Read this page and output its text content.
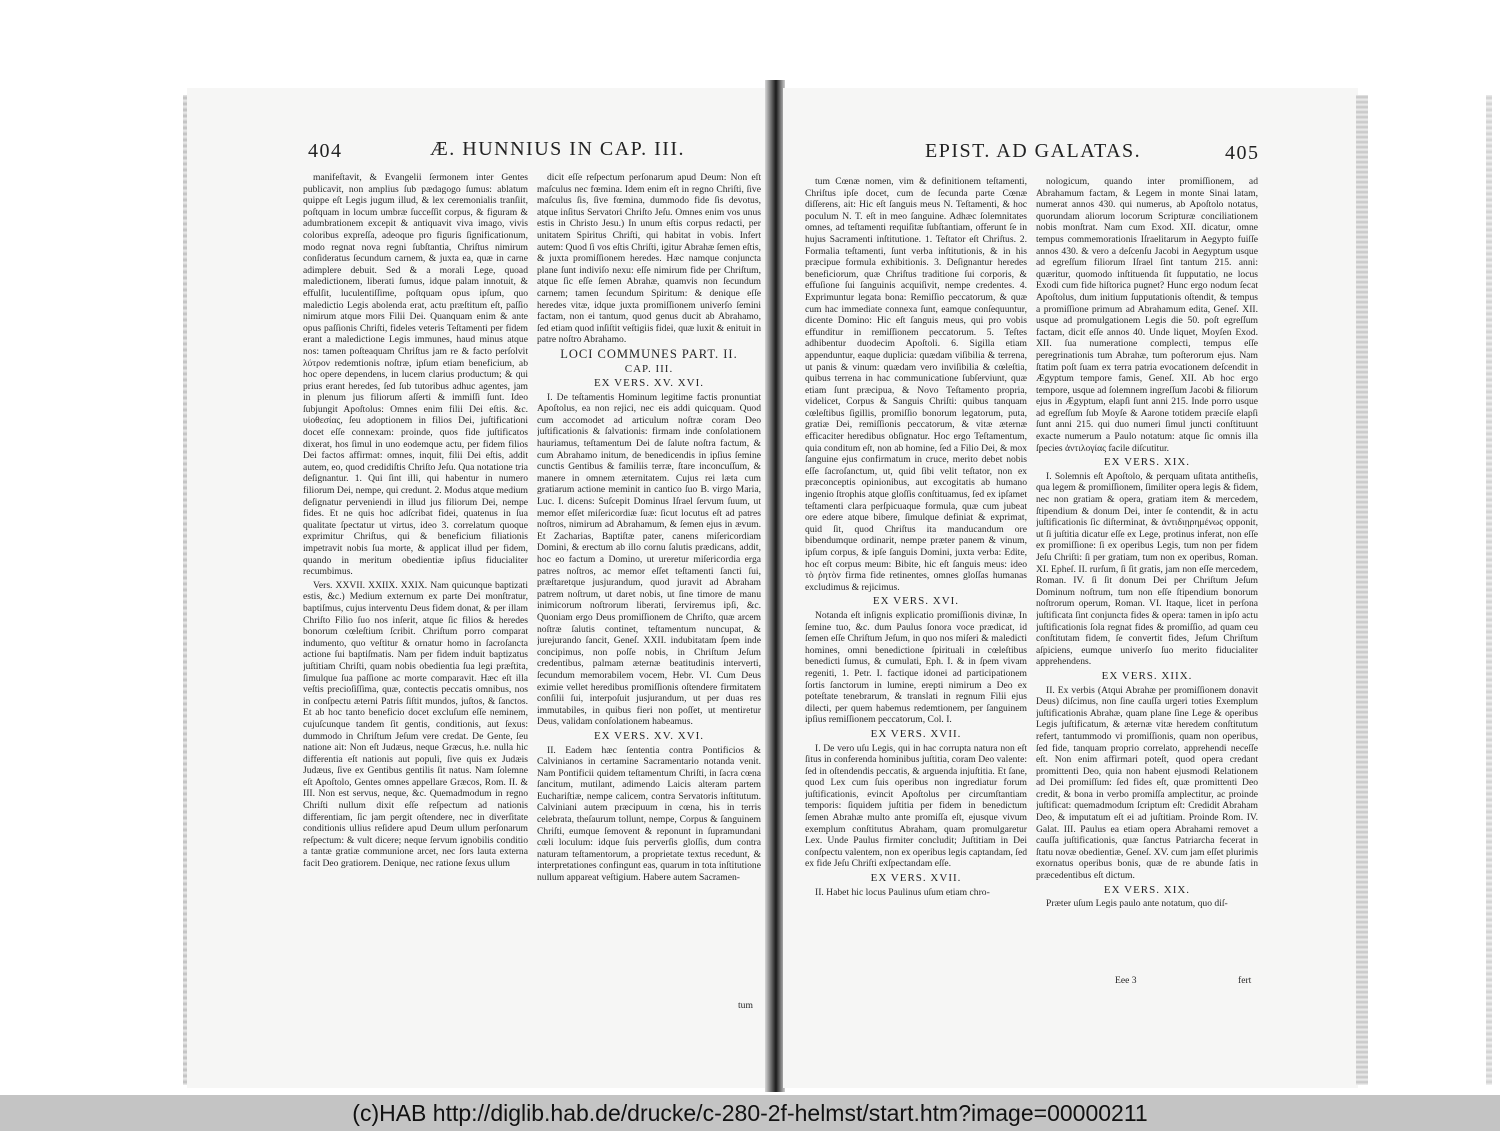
404	Æ. HUNNIUS IN CAP. III.

manifeſtavit, & Evangelii ſermonem inter Gentes publicavit, non amplius ſub pædagogo ſumus: ablatum quippe eſt Legis jugum illud, & lex ceremonialis tranſiit, poſtquam in locum umbræ ſucceſſit corpus, & figuram & adumbrationem excepit & antiquavit viva imago, vivis coloribus expreſſa, adeoque pro figuris ſignificationum, modo regnat nova regni ſubſtantia, Chriſtus nimirum conſideratus ſecundum carnem, & juxta ea, quæ in carne adimplere debuit. Sed & a morali Lege, quoad maledictionem, liberati ſumus, idque palam innotuit, & effulſit, luculentiſſime, poſtquam opus ipſum, quo maledictio Legis abolenda erat, actu præſtitum eſt, paſſio nimirum atque mors Filii Dei. Quanquam enim & ante opus paſſionis Chriſti, fideles veteris Teſtamenti per fidem erant a maledictione Legis immunes, haud minus atque nos: tamen poſteaquam Chriſtus jam re & facto perſolvit λύτρον redemtionis noſtræ, ipſum etiam beneficium, ab hoc opere dependens, in lucem clarius productum; & qui prius erant heredes, ſed ſub tutoribus adhuc agentes, jam in plenum jus filiorum aſſerti & immiſſi ſunt. Ideo ſubjungit Apoſtolus: Omnes enim filii Dei eſtis. &c. υἱοθεσίας, ſeu adoptionem in filios Dei, juſtificationi docet eſſe connexam: proinde, quos fide juſtificatos dixerat, hos ſimul in uno eodemque actu, per fidem filios Dei factos affirmat: omnes, inquit, filii Dei eſtis, addit autem, eo, quod credidiſtis Chriſto Jeſu. Qua notatione tria deſignantur. 1. Qui ſint illi, qui habentur in numero filiorum Dei, nempe, qui credunt. 2. Modus atque medium deſignatur perveniendi in illud jus filiorum Dei, nempe fides. Et ne quis hoc adſcribat fidei, quatenus in ſua qualitate ſpectatur ut virtus, ideo 3. correlatum quoque exprimitur Chriſtus, qui & beneficium filiationis impetravit nobis ſua morte, & applicat illud per fidem, quando in meritum obedientiæ ipſius fiducialiter recumbimus.

Vers. XXVII. XXIIX. XXIX. Nam quicunque baptizati estis, &c.) Medium externum ex parte Dei monſtratur, baptiſmus, cujus interventu Deus fidem donat, & per illam Chriſto Filio ſuo nos inſerit, atque ſic filios & heredes bonorum cœleſtium ſcribit. Chriſtum porro comparat indumento, quo veſtitur & ornatur homo in ſacroſancta actione ſui baptiſmatis. Nam per fidem induit baptizatus juſtitiam Chriſti, quam nobis obedientia ſua legi præſtita, ſimulque ſua paſſione ac morte comparavit. Hæc eſt illa veſtis precioſiſſima, quæ, contectis peccatis omnibus, nos in conſpectu æterni Patris ſiſtit mundos, juſtos, & ſanctos. Et ab hoc tanto beneficio docet excluſum eſſe neminem, cujuſcunque tandem ſit gentis, conditionis, aut ſexus: dummodo in Chriſtum Jeſum vere credat. De Gente, ſeu natione ait: Non eſt Judæus, neque Græcus, h.e. nulla hic differentia eſt nationis aut populi, ſive quis ex Judæis Judæus, ſive ex Gentibus gentilis ſit natus. Nam ſolemne eſt Apoſtolo, Gentes omnes appellare Græcos, Rom. II. & III. Non est servus, neque, &c. Quemadmodum in regno Chriſti nullum dixit eſſe reſpectum ad nationis differentiam, ſic jam pergit oſtendere, nec in diverſitate conditionis ullius reſidere apud Deum ullum perſonarum reſpectum: & vult dicere; neque ſervum ignobilis conditio a tantæ gratiæ communione arcet, nec ſors lauta externa facit Deo gratiorem. Denique, nec ratione ſexus ullum

dicit eſſe reſpectum perſonarum apud Deum: Non eſt maſculus nec fœmina. Idem enim eſt in regno Chriſti, ſive maſculus ſis, ſive fœmina, dummodo fide ſis devotus, atque inſitus Servatori Chriſto Jeſu. Omnes enim vos unus estis in Christo Jesu.) In unum eſtis corpus redacti, per unitatem Spiritus Chriſti, qui habitat in vobis. Infert autem: Quod ſi vos eſtis Chriſti, igitur Abrahæ ſemen eſtis, & juxta promiſſionem heredes. Hæc namque conjuncta plane ſunt indiviſo nexu: eſſe nimirum fide per Chriſtum, atque ſic eſſe ſemen Abrahæ, quamvis non ſecundum carnem; tamen ſecundum Spiritum: & denique eſſe heredes vitæ, idque juxta promiſſionem univerſo ſemini factam, non ei tantum, quod genus ducit ab Abrahamo, ſed etiam quod inſiſtit veſtigiis fidei, quæ luxit & enituit in patre noſtro Abrahamo.

LOCI COMMUNES PART. II.
CAP. III.
EX VERS. XV. XVI.

I. De teſtamentis Hominum legitime factis pronuntiat Apoſtolus, ea non rejici, nec eis addi quicquam. Quod cum accomodet ad articulum noſtræ coram Deo juſtificationis & ſalvationis: firmam inde conſolationem hauriamus, teſtamentum Dei de ſalute noſtra factum, & cum Abrahamo initum, de benedicendis in ipſius ſemine cunctis Gentibus & familiis terræ, ſtare inconcuſſum, & manere in omnem æternitatem. Cujus rei læta cum gratiarum actione meminit in cantico ſuo B. virgo Maria, Luc. I. dicens: Suſcepit Dominus Iſrael ſervum ſuum, ut memor eſſet miſericordiæ ſuæ: ſicut locutus eſt ad patres noſtros, nimirum ad Abrahamum, & ſemen ejus in ævum. Et Zacharias, Baptiſtæ pater, canens miſericordiam Domini, & erectum ab illo cornu ſalutis prædicans, addit, hoc eo factum a Domino, ut ureretur miſericordia erga patres noſtros, ac memor eſſet teſtamenti ſancti ſui, præſtaretque jusjurandum, quod juravit ad Abraham patrem noſtrum, ut daret nobis, ut ſine timore de manu inimicorum noſtrorum liberati, ſerviremus ipſi, &c. Quoniam ergo Deus promiſſionem de Chriſto, quæ arcem noſtræ ſalutis continet, teſtamentum nuncupat, & jurejurando ſancit, Geneſ. XXII. indubitatam ſpem inde concipimus, non poſſe nobis, in Chriſtum Jeſum credentibus, palmam æternæ beatitudinis interverti, ſecundum memorabilem vocem, Hebr. VI. Cum Deus eximie vellet heredibus promiſſionis oſtendere firmitatem conſilii ſui, interpoſuit jusjurandum, ut per duas res immutabiles, in quibus fieri non poſſet, ut mentiretur Deus, validam conſolationem habeamus.

EX VERS. XV. XVI.

II. Eadem hæc ſententia contra Pontificios & Calvinianos in certamine Sacramentario notanda venit. Nam Pontificii quidem teſtamentum Chriſti, in ſacra cœna ſancitum, mutilant, adimendo Laicis alteram partem Euchariſtiæ, nempe calicem, contra Servatoris inſtitutum. Calviniani autem præcipuum in cœna, his in terris celebrata, theſaurum tollunt, nempe, Corpus & ſanguinem Chriſti, eumque ſemovent & reponunt in ſupramundani cœli loculum: idque ſuis perverſis gloſſis, dum contra naturam teſtamentorum, a proprietate textus recedunt, & interpretationes confingunt eas, quarum in tota inſtitutione nullum appareat veſtigium. Habere autem Sacramen-

tum
EPIST. AD GALATAS.	405

tum Cœnæ nomen, vim & definitionem teſtamenti, Chriſtus ipſe docet, cum de ſecunda parte Cœnæ diſſerens, ait: Hic eſt ſanguis meus N. Teſtamenti, & hoc poculum N. T. eſt in meo ſanguine. Adhæc ſolemnitates omnes, ad teſtamenti requiſitæ ſubſtantiam, offerunt ſe in hujus Sacramenti inſtitutione. 1. Teſtator eſt Chriſtus. 2. Formalia teſtamenti, ſunt verba inſtitutionis, & in his præcipue formula exhibitionis. 3. Deſignantur heredes beneficiorum, quæ Chriſtus traditione ſui corporis, & effuſione ſui ſanguinis acquiſivit, nempe credentes. 4. Exprimuntur legata bona: Remiſſio peccatorum, & quæ cum hac immediate connexa ſunt, eamque conſequuntur, dicente Domino: Hic eſt ſanguis meus, qui pro vobis effunditur in remiſſionem peccatorum. 5. Teſtes adhibentur duodecim Apoſtoli. 6. Sigilla etiam appenduntur, eaque duplicia: quædam viſibilia & terrena, ut panis & vinum: quædam vero inviſibilia & cœleſtia, quibus terrena in hac communicatione ſubſerviunt, quæ etiam ſunt præcipua, & Novo Teſtamento propria, videlicet, Corpus & Sanguis Chriſti: quibus tanquam cœleſtibus ſigillis, promiſſio bonorum legatorum, puta, gratiæ Dei, remiſſionis peccatorum, & vitæ æternæ efficaciter heredibus obſignatur. Hoc ergo Teſtamentum, quia conditum eſt, non ab homine, ſed a Filio Dei, & mox ſanguine ejus confirmatum in cruce, merito debet nobis eſſe ſacroſanctum, ut, quid ſibi velit teſtator, non ex præconceptis opinionibus, aut excogitatis ab humano ingenio ſtrophis atque gloſſis conſtituamus, ſed ex ipſamet teſtamenti clara perſpicuaque formula, quæ cum jubeat ore edere atque bibere, ſimulque definiat & exprimat, quid ſit, quod Chriſtus ita manducandum ore bibendumque ordinarit, nempe præter panem & vinum, ipſum corpus, & ipſe ſanguis Domini, juxta verba: Edite, hoc eſt corpus meum: Bibite, hic eſt ſanguis meus: ideo τὸ ῥητὸν firma fide retinentes, omnes gloſſas humanas excludimus & rejicimus.

EX VERS. XVI.

Notanda eſt inſignis explicatio promiſſionis divinæ, In ſemine tuo, &c. dum Paulus ſonora voce prædicat, id ſemen eſſe Chriſtum Jeſum, in quo nos miſeri & maledicti homines, omni benedictione ſpirituali in cœleſtibus benedicti ſumus, & cumulati, Eph. I. & in ſpem vivam regeniti, 1. Petr. I. factique idonei ad participationem ſortis ſanctorum in lumine, erepti nimirum a Deo ex poteſtate tenebrarum, & translati in regnum Filii ejus dilecti, per quem habemus redemtionem, per ſanguinem ipſius remiſſionem peccatorum, Col. I.

EX VERS. XVII.

I. De vero uſu Legis, qui in hac corrupta natura non eſt ſitus in conferenda hominibus juſtitia, coram Deo valente: ſed in oſtendendis peccatis, & arguenda injuſtitia. Et ſane, quod Lex cum ſuis operibus non ingrediatur forum juſtificationis, evincit Apoſtolus per circumſtantiam temporis: ſiquidem juſtitia per fidem in benedictum ſemen Abrahæ multo ante promiſſa eſt, ejusque vivum exemplum conſtitutus Abraham, quam promulgaretur Lex. Unde Paulus firmiter concludit; Juſtitiam in Dei conſpectu valentem, non ex operibus legis captandam, ſed ex fide Jeſu Chriſti exſpectandam eſſe.

EX VERS. XVII.

II. Habet hic locus Paulinus uſum etiam chro-

nologicum, quando inter promiſſionem, ad Abrahamum factam, & Legem in monte Sinai latam, numerat annos 430. qui numerus, ab Apoſtolo notatus, quorundam aliorum locorum Scripturæ conciliationem nobis monſtrat. Nam cum Exod. XII. dicatur, omne tempus commemorationis Iſraelitarum in Aegypto fuiſſe annos 430. & vero a deſcenſu Jacobi in Aegyptum usque ad egreſſum filiorum Iſrael ſint tantum 215. anni: quæritur, quomodo inſtituenda ſit ſupputatio, ne locus Exodi cum fide hiſtorica pugnet? Hunc ergo nodum ſecat Apoſtolus, dum initium ſupputationis oſtendit, & tempus a promiſſione primum ad Abrahamum edita, Geneſ. XII. usque ad promulgationem Legis die 50. poſt egreſſum factam, dicit eſſe annos 40. Unde liquet, Moyſen Exod. XII. ſua numeratione complecti, tempus eſſe peregrinationis tum Abrahæ, tum poſterorum ejus. Nam ſtatim poſt ſuam ex terra patria evocationem deſcendit in Ægyptum tempore famis, Geneſ. XII. Ab hoc ergo tempore, usque ad ſolemnem ingreſſum Jacobi & filiorum ejus in Ægyptum, elapſi ſunt anni 215. Inde porro usque ad egreſſum ſub Moyſe & Aarone totidem præciſe elapſi ſunt anni 215. qui duo numeri ſimul juncti conſtituunt exacte numerum a Paulo notatum: atque ſic omnis illa ſpecies ἀντιλογίας facile diſcutitur.

EX VERS. XIX.

I. Solemnis eſt Apoſtolo, & perquam uſitata antitheſis, qua legem & promiſſionem, ſimiliter opera legis & fidem, nec non gratiam & opera, gratiam item & mercedem, ſtipendium & donum Dei, inter ſe contendit, & in actu juſtificationis ſic diſterminat, & ἀντιδιῃρημένως opponit, ut ſi juſtitia dicatur eſſe ex Lege, protinus inferat, non eſſe ex promiſſione: ſi ex operibus Legis, tum non per fidem Jeſu Chriſti: ſi per gratiam, tum non ex operibus, Roman. XI. Epheſ. II. rurſum, ſi ſit gratis, jam non eſſe mercedem, Roman. IV. ſi ſit donum Dei per Chriſtum Jeſum Dominum noſtrum, tum non eſſe ſtipendium bonorum noſtrorum operum, Roman. VI. Itaque, licet in perſona juſtificata ſint conjuncta fides & opera: tamen in ipſo actu juſtificationis ſola regnat fides & promiſſio, ad quam ceu conſtitutam fidem, ſe convertit fides, Jeſum Chriſtum aſpiciens, eumque univerſo ſuo merito fiducialiter apprehendens.

EX VERS. XIIX.

II. Ex verbis (Atqui Abrahæ per promiſſionem donavit Deus) diſcimus, non ſine cauſſa urgeri toties Exemplum juſtificationis Abrahæ, quam plane ſine Lege & operibus Legis juſtificatum, & æternæ vitæ heredem conſtitutum refert, tantummodo vi promiſſionis, quam non operibus, ſed fide, tanquam proprio correlato, apprehendi neceſſe eſt. Non enim affirmari poteſt, quod opera credant promittenti Deo, quia non habent ejusmodi Relationem ad Dei promiſſum: ſed fides eſt, quæ promittenti Deo credit, & bona in verbo promiſſa amplectitur, ac proinde juſtificat: quemadmodum ſcriptum eſt: Credidit Abraham Deo, & imputatum eſt ei ad juſtitiam. Proinde Rom. IV. Galat. III. Paulus ea etiam opera Abrahami removet a cauſſa juſtificationis, quæ ſanctus Patriarcha fecerat in ſtatu novæ obedientiæ, Geneſ. XV. cum jam eſſet plurimis exornatus operibus bonis, quæ de re abunde ſatis in præcedentibus eſt dictum.

EX VERS. XIX.

Præter uſum Legis paulo ante notatum, quo diſ-

Eee 3	fert
(c)HAB http://diglib.hab.de/drucke/c-280-2f-helmst/start.htm?image=00000211
